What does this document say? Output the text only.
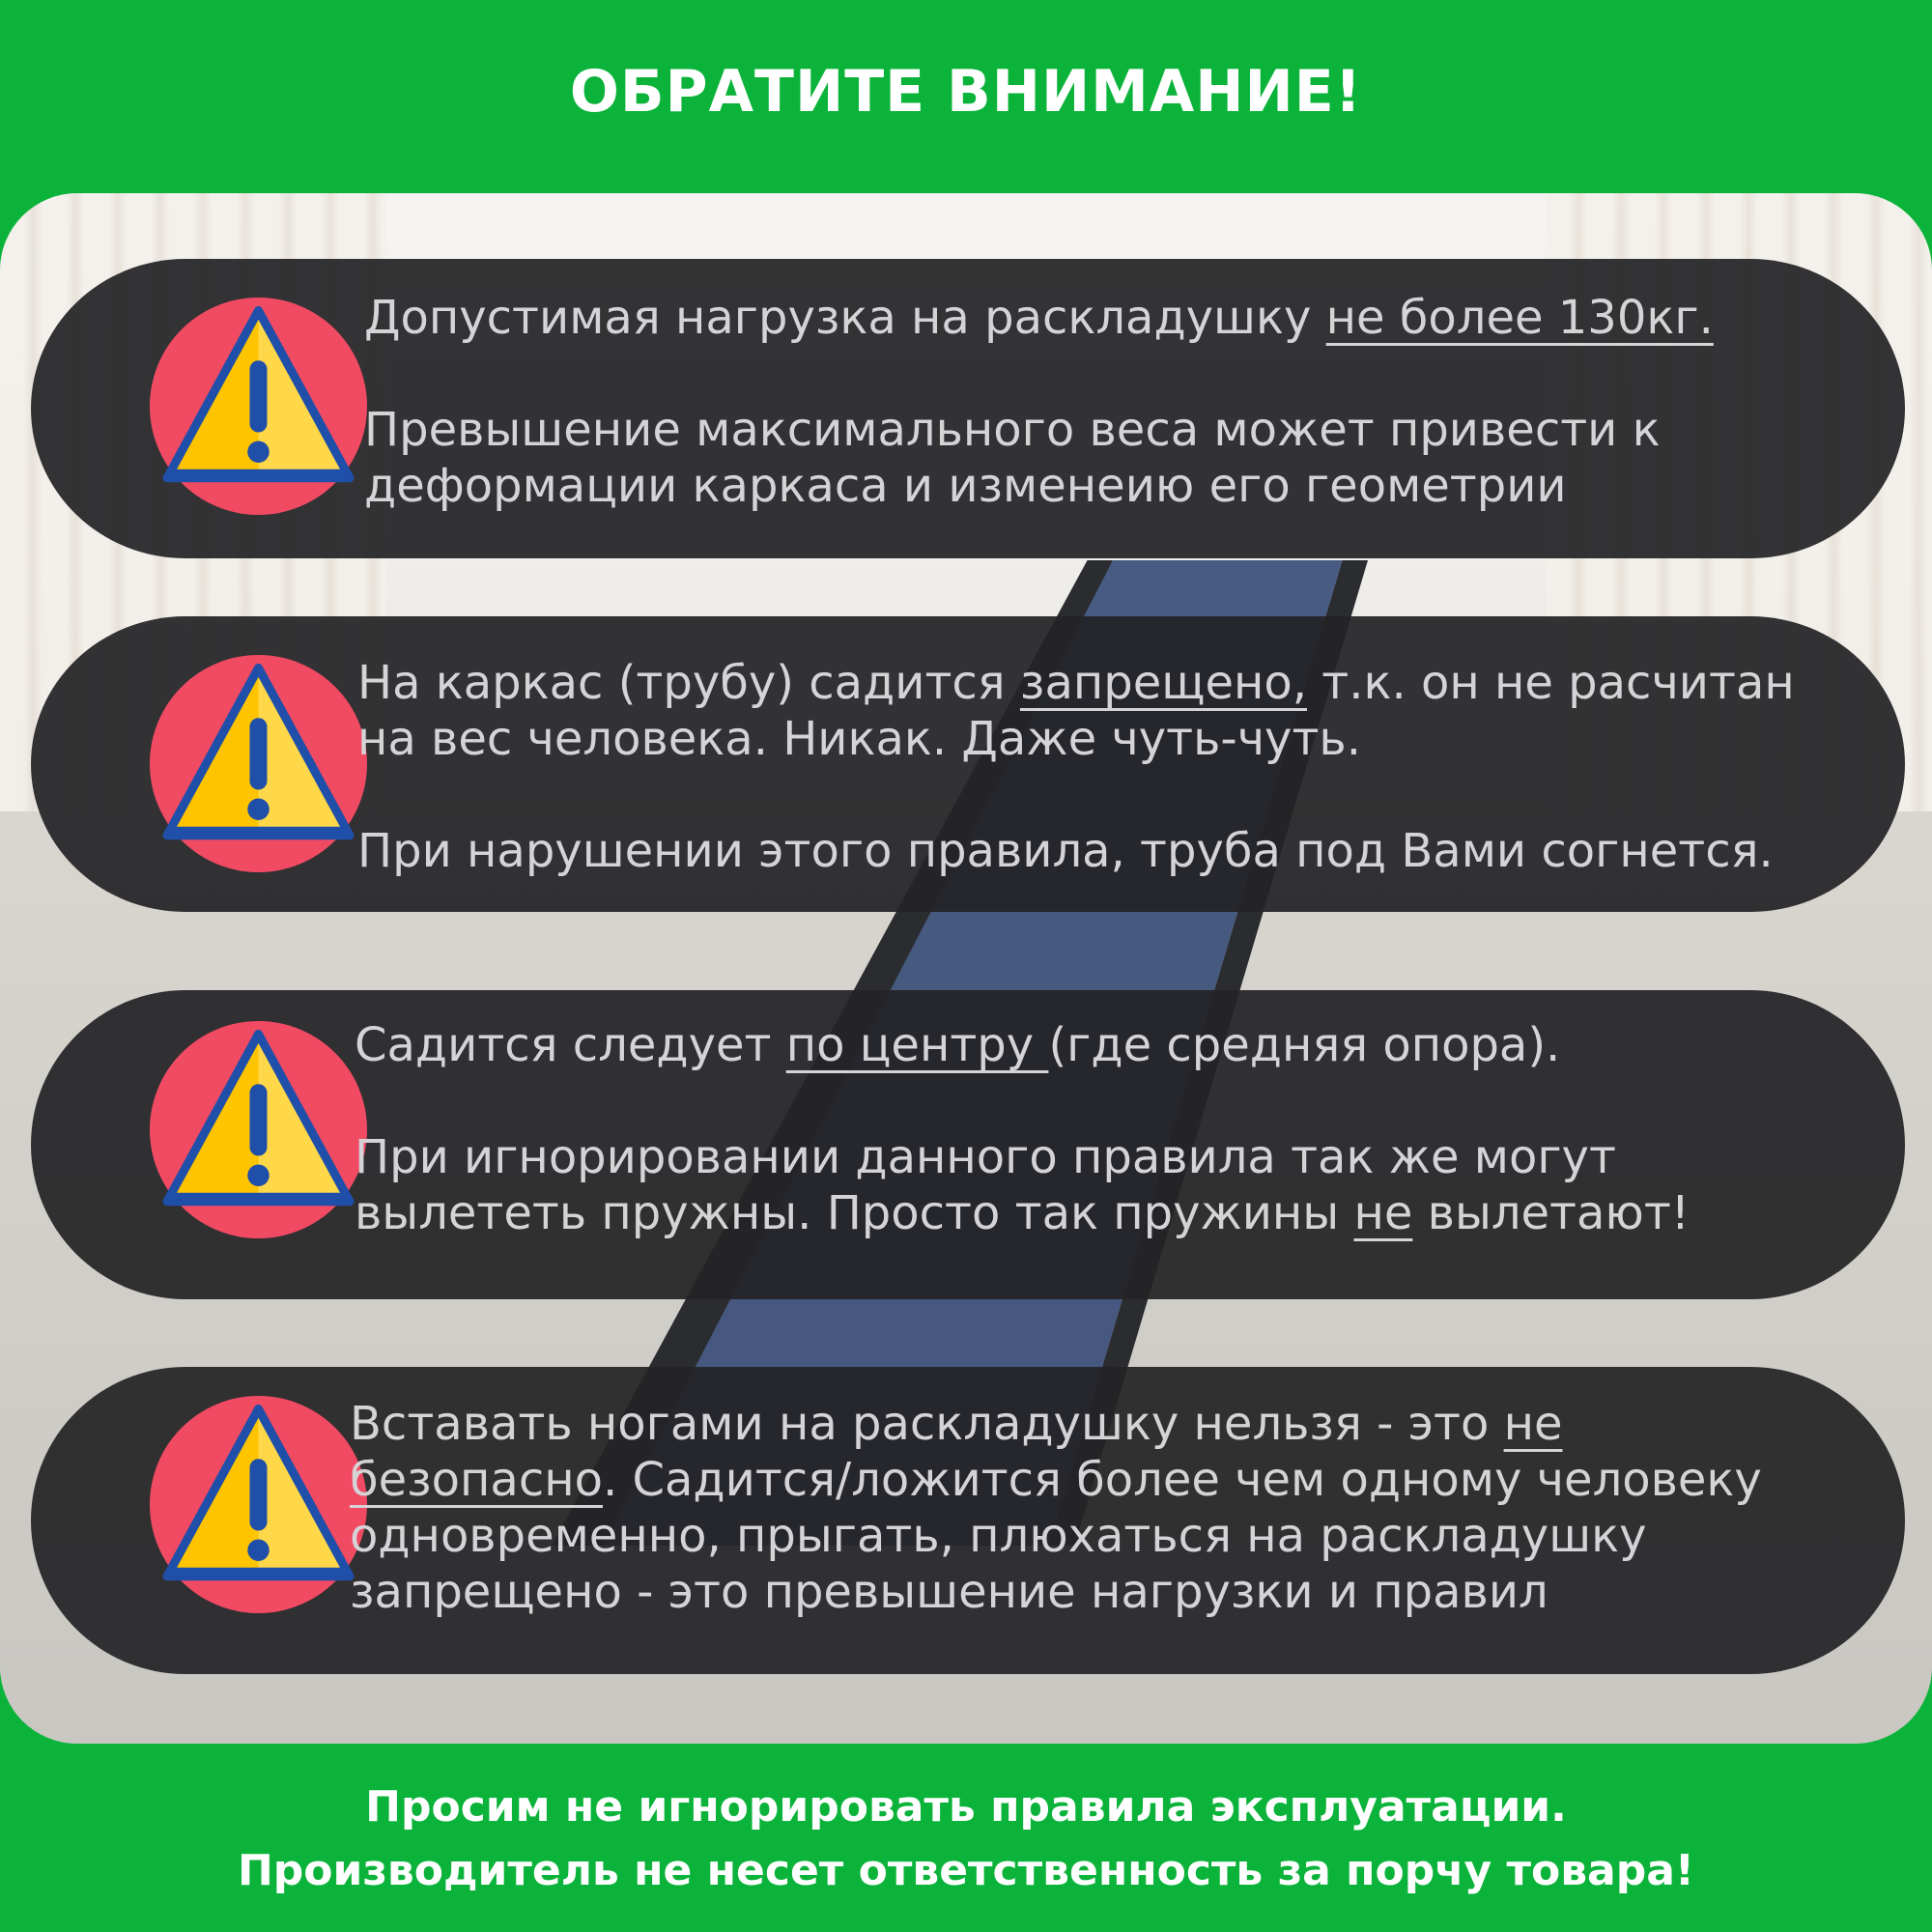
ОБРАТИТЕ ВНИМАНИЕ!

Допустимая нагрузка на раскладушку не более 130кг.

Превышение максимального веса может привести к

деформации каркаса и изменеию его геометрии

На каркас (трубу) садится запрещено, т.к. он не расчитан

на вес человека. Никак. Даже чуть-чуть.

При нарушении этого правила, труба под Вами согнется.

Садится следует по центру (где средняя опора).

При игнорировании данного правила так же могут

вылететь пружны. Просто так пружины не вылетают!

Вставать ногами на раскладушку нельзя - это не

безопасно. Садится/ложится более чем одному человеку

одновременно, прыгать, плюхаться на раскладушку

запрещено - это превышение нагрузки и правил

Просим не игнорировать правила эксплуатации.
Производитель не несет ответственность за порчу товара!
